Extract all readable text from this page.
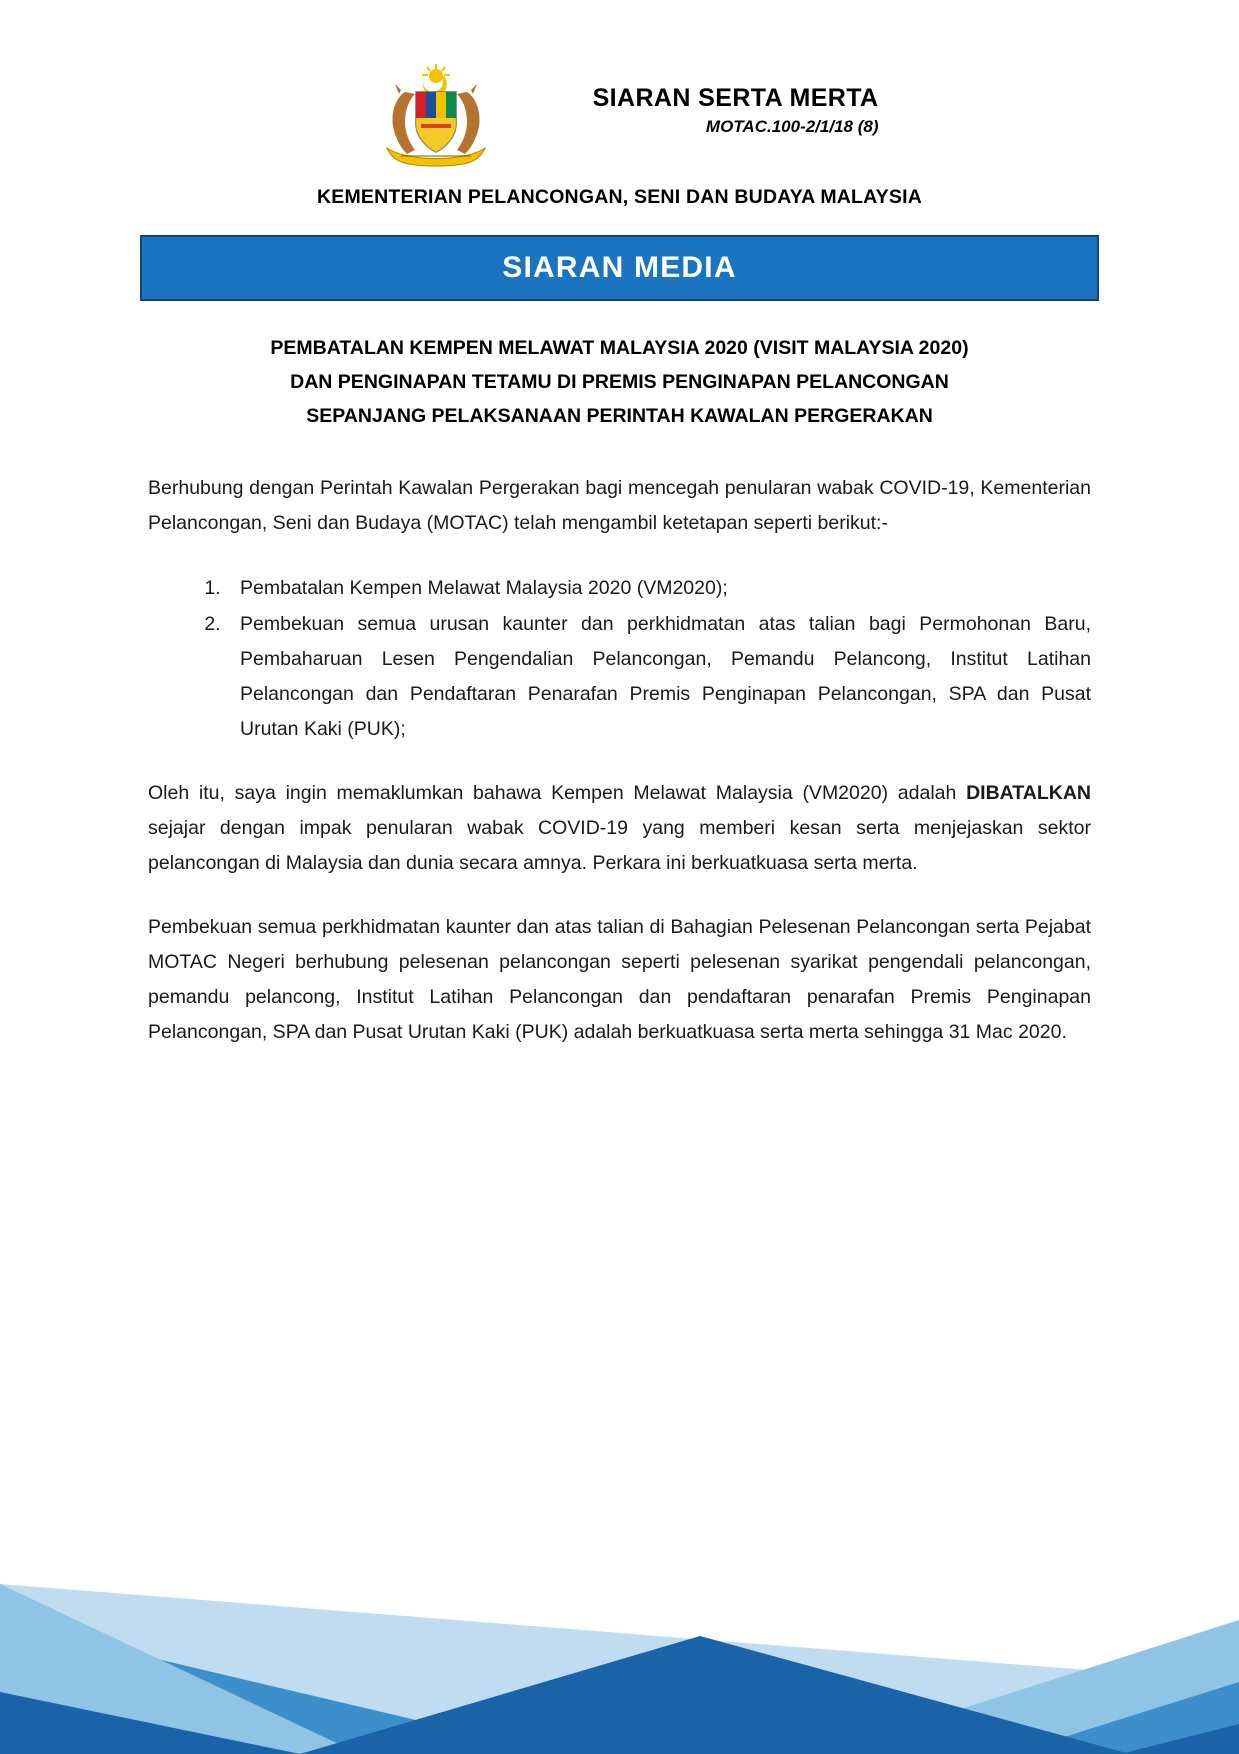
SIARAN SERTA MERTA
MOTAC.100-2/1/18 (8)
KEMENTERIAN PELANCONGAN, SENI DAN BUDAYA MALAYSIA
SIARAN MEDIA
PEMBATALAN KEMPEN MELAWAT MALAYSIA 2020 (VISIT MALAYSIA 2020)
DAN PENGINAPAN TETAMU DI PREMIS PENGINAPAN PELANCONGAN
SEPANJANG PELAKSANAAN PERINTAH KAWALAN PERGERAKAN

Berhubung dengan Perintah Kawalan Pergerakan bagi mencegah penularan wabak COVID-19, Kementerian Pelancongan, Seni dan Budaya (MOTAC) telah mengambil ketetapan seperti berikut:-

1. Pembatalan Kempen Melawat Malaysia 2020 (VM2020);
2. Pembekuan semua urusan kaunter dan perkhidmatan atas talian bagi Permohonan Baru, Pembaharuan Lesen Pengendalian Pelancongan, Pemandu Pelancong, Institut Latihan Pelancongan dan Pendaftaran Penarafan Premis Penginapan Pelancongan, SPA dan Pusat Urutan Kaki (PUK);

Oleh itu, saya ingin memaklumkan bahawa Kempen Melawat Malaysia (VM2020) adalah DIBATALKAN sejajar dengan impak penularan wabak COVID-19 yang memberi kesan serta menjejaskan sektor pelancongan di Malaysia dan dunia secara amnya. Perkara ini berkuatkuasa serta merta.

Pembekuan semua perkhidmatan kaunter dan atas talian di Bahagian Pelesenan Pelancongan serta Pejabat MOTAC Negeri berhubung pelesenan pelancongan seperti pelesenan syarikat pengendali pelancongan, pemandu pelancong, Institut Latihan Pelancongan dan pendaftaran penarafan Premis Penginapan Pelancongan, SPA dan Pusat Urutan Kaki (PUK) adalah berkuatkuasa serta merta sehingga 31 Mac 2020.
